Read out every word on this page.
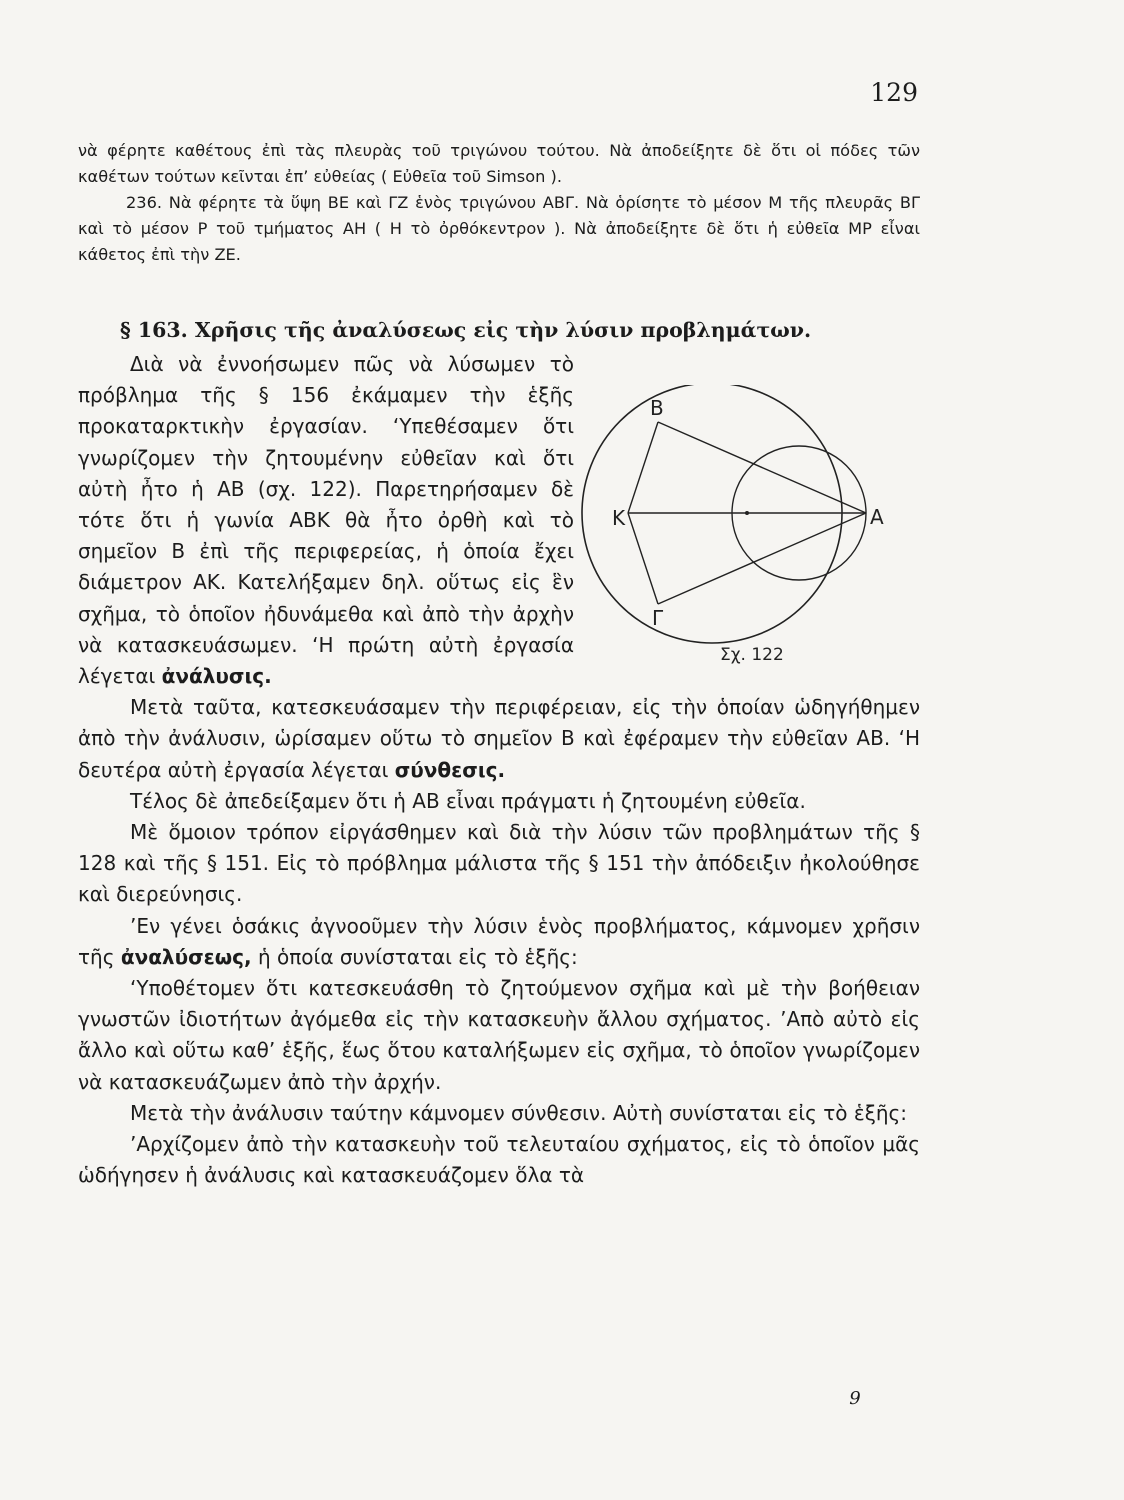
129

νὰ φέρητε καθέτους ἐπὶ τὰς πλευρὰς τοῦ τριγώνου τούτου. Νὰ ἀποδείξητε δὲ ὅτι οἱ πόδες τῶν καθέτων τούτων κεῖνται ἐπ’ εὐθείας ( Εὐθεῖα τοῦ Simson ).

236. Νὰ φέρητε τὰ ὕψη ΒΕ καὶ ΓΖ ἑνὸς τριγώνου ΑΒΓ. Νὰ ὁρίσητε τὸ μέσον Μ τῆς πλευρᾶς ΒΓ καὶ τὸ μέσον Ρ τοῦ τμήματος ΑΗ ( Η τὸ ὀρθόκεντρον ). Νὰ ἀποδείξητε δὲ ὅτι ἡ εὐθεῖα ΜΡ εἶναι κάθετος ἐπὶ τὴν ΖΕ.

§ 163. Χρῆσις τῆς ἀναλύσεως εἰς τὴν λύσιν προβλημάτων.

Διὰ νὰ ἐννοήσωμεν πῶς νὰ λύσωμεν τὸ πρόβλημα τῆς § 156 ἐκάμαμεν τὴν ἑξῆς προκαταρκτικὴν ἐργασίαν. ‘Υπεθέσαμεν ὅτι γνωρίζομεν τὴν ζητουμένην εὐθεῖαν καὶ ὅτι αὐτὴ ἦτο ἡ ΑΒ (σχ. 122). Παρετηρήσαμεν δὲ τότε ὅτι ἡ γωνία ΑΒΚ θὰ ἦτο ὀρθὴ καὶ τὸ σημεῖον Β ἐπὶ τῆς περιφερείας, ἡ ὁποία ἔχει διάμετρον ΑΚ. Κατελήξαμεν δηλ. οὕτως εἰς ἓν σχῆμα, τὸ ὁποῖον ἠδυνάμεθα καὶ ἀπὸ τὴν ἀρχὴν νὰ κατασκευάσωμεν. ‘Η πρώτη αὐτὴ ἐργασία λέγεται ἀνάλυσις.

Μετὰ ταῦτα, κατεσκευάσαμεν τὴν περιφέρειαν, εἰς τὴν ὁποίαν ὡδηγήθημεν ἀπὸ τὴν ἀνάλυσιν, ὡρίσαμεν οὕτω τὸ σημεῖον Β καὶ ἐφέραμεν τὴν εὐθεῖαν ΑΒ. ‘Η δευτέρα αὐτὴ ἐργασία λέγεται σύνθεσις.

Τέλος δὲ ἀπεδείξαμεν ὅτι ἡ ΑΒ εἶναι πράγματι ἡ ζητουμένη εὐθεῖα.

Μὲ ὅμοιον τρόπον εἰργάσθημεν καὶ διὰ τὴν λύσιν τῶν προβλημάτων τῆς § 128 καὶ τῆς § 151. Εἰς τὸ πρόβλημα μάλιστα τῆς § 151 τὴν ἀπόδειξιν ἠκολούθησε καὶ διερεύνησις.

’Εν γένει ὁσάκις ἀγνοοῦμεν τὴν λύσιν ἑνὸς προβλήματος, κάμνομεν χρῆσιν τῆς ἀναλύσεως, ἡ ὁποία συνίσταται εἰς τὸ ἑξῆς:

‘Υποθέτομεν ὅτι κατεσκευάσθη τὸ ζητούμενον σχῆμα καὶ μὲ τὴν βοήθειαν γνωστῶν ἰδιοτήτων ἀγόμεθα εἰς τὴν κατασκευὴν ἄλλου σχήματος. ’Απὸ αὐτὸ εἰς ἄλλο καὶ οὕτω καθ’ ἑξῆς, ἕως ὅτου καταλήξωμεν εἰς σχῆμα, τὸ ὁποῖον γνωρίζομεν νὰ κατασκευάζωμεν ἀπὸ τὴν ἀρχήν.

Μετὰ τὴν ἀνάλυσιν ταύτην κάμνομεν σύνθεσιν. Αὐτὴ συνίσταται εἰς τὸ ἑξῆς:

’Αρχίζομεν ἀπὸ τὴν κατασκευὴν τοῦ τελευταίου σχήματος, εἰς τὸ ὁποῖον μᾶς ὡδήγησεν ἡ ἀνάλυσις καὶ κατασκευάζομεν ὅλα τὰ

Β
Κ	Α
Γ
Σχ. 122
9
